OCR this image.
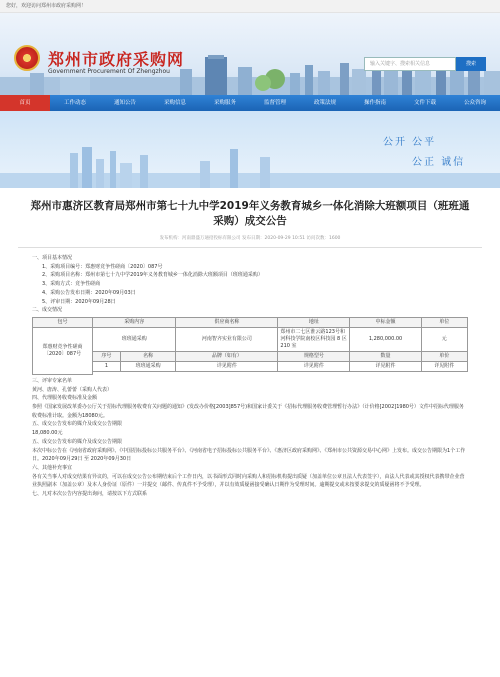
您好，欢迎访问郑州市政府采购网！
郑州市政府采购网
Government Procurement Of Zhengzhou
输入关键字、搜索相关信息	搜索
首页	工作动态	通知公告	采购信息	采购服务	监督管理	政策法规	操作指南	文件下载	公众咨询
公开 公平
公正 诚信
郑州市惠济区教育局郑州市第七十九中学2019年义务教育城乡一体化消除大班额项目（班班通采购）成交公告
发布机构：河南鼎盛万通招投标有限公司 发布日期：2020-09-29 10:51 访问次数：1600

一、项目基本情况

1、采购项目编号：郑惠财竞争性磋商〔2020〕087号

2、采购项目名称：郑州市第七十九中学2019年义务教育城乡一体化消除大班额项目（班班通采购）

3、采购方式：竞争性磋商

4、采购公告发布日期：2020年09月03日

5、评审日期：2020年09月28日

二、成交情况

包号	采购内容		供应商名称	地址	中标金额	单位
郑惠财竞争性磋商〔2020〕087号	班班通采购		河南智齐实业有限公司	郑州市二七区淮云路123号和河科技学院南校区科技园 8 区 210 室	1,280,000.00	元
	序号	名称	品牌（如有）	规格型号	数量	单价
	1	班班通采购	详见附件	详见附件	详见附件	详见附件

三、评审专家名单

黄河、唐涛、孔蕾蕾（采购人代表）

四、代理服务收费标准及金额

参照《国家发展改革委办公厅关于招标代理服务收费有关问题的通知》(发改办价格[2003]857号)和国家计委关于《招标代理服务收费管理暂行办法》（计价格[2002]1980号）文件中招标代理服务收费标准计取。金额为18080元。

五、成交公告发布的媒介及成交公告期限

18,080.00元

五、成交公告发布的媒介及成交公告期限

本次中标公告在《河南省政府采购网》、《中国招标投标公共服务平台》、《河南省电子招标投标公共服务平台》、《惠济区政府采购网》、《郑州市公共资源交易中心网》上发布。成交公告期限为1个工作日。2020年09月29日 至 2020年09月30日

六、其他补充事宜

各有关当事人对成交结果有异议的，可以在成交公告公布期结束后个工作日内，以书面形式同时向采购人和招标机构提出质疑（加盖单位公章且法人代表签字），由法人代表或其授权代表携带企业营业执照副本（加盖公章）及本人身份证（原件）一并提交（邮件、传真件不予受理），并以有效质疑函接受确认日期作为受理时间。逾期提交或未按要求提交的质疑函将不予受理。

七、凡对本次公告内容提出询问，请按以下方式联系
